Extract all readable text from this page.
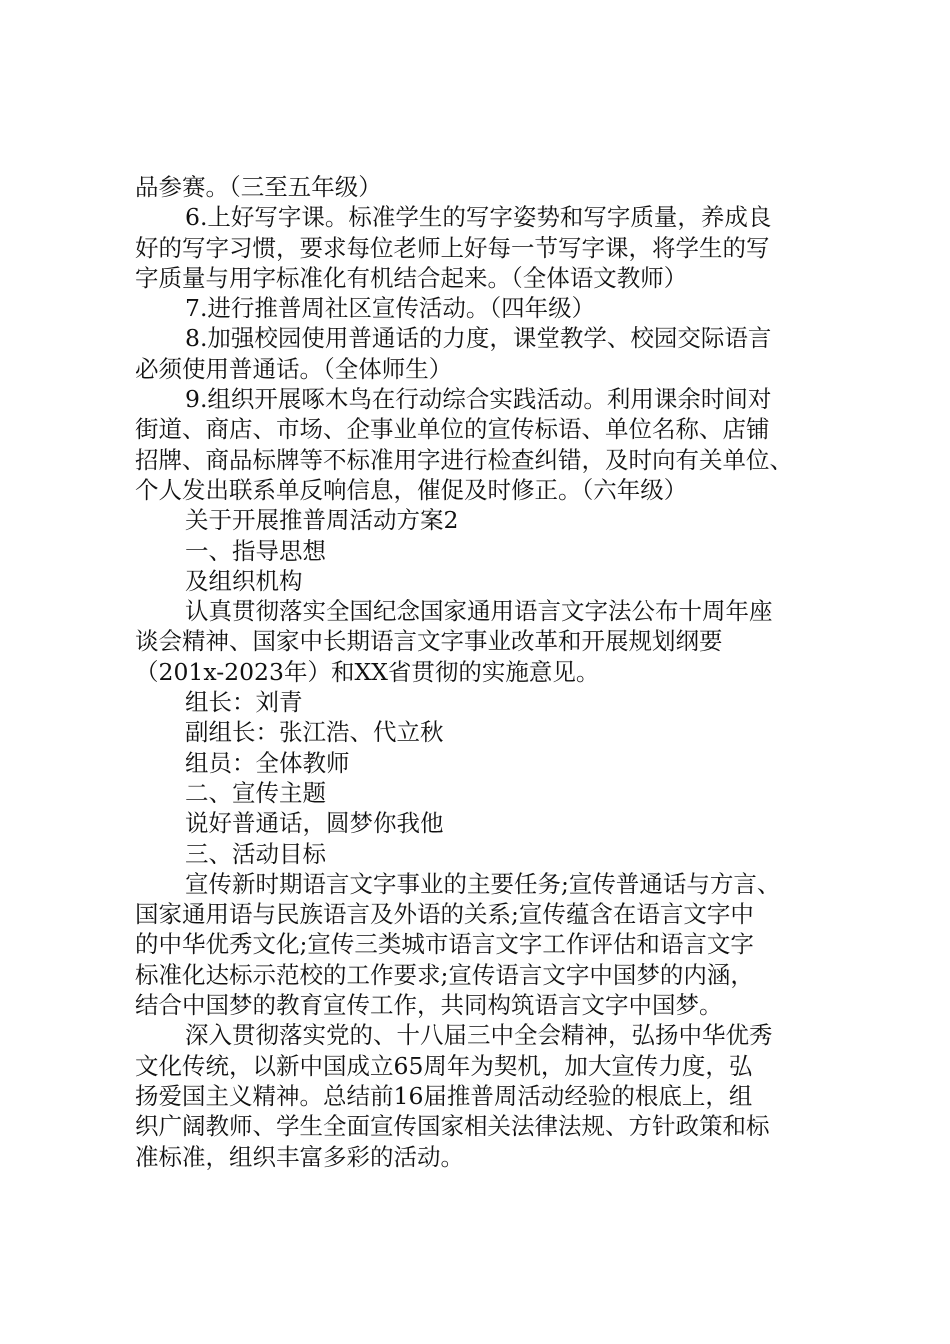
品参赛。（三至五年级）
6.上好写字课。标准学生的写字姿势和写字质量，养成良
好的写字习惯，要求每位老师上好每一节写字课，将学生的写
字质量与用字标准化有机结合起来。（全体语文教师）
7.进行推普周社区宣传活动。（四年级）
8.加强校园使用普通话的力度，课堂教学、校园交际语言
必须使用普通话。（全体师生）
9.组织开展啄木鸟在行动综合实践活动。利用课余时间对
街道、商店、市场、企事业单位的宣传标语、单位名称、店铺
招牌、商品标牌等不标准用字进行检查纠错，及时向有关单位、
个人发出联系单反响信息，催促及时修正。（六年级）
关于开展推普周活动方案2
一、指导思想
及组织机构
认真贯彻落实全国纪念国家通用语言文字法公布十周年座
谈会精神、国家中长期语言文字事业改革和开展规划纲要
（201x-2023年）和XX省贯彻的实施意见。
组长：刘青
副组长：张江浩、代立秋
组员：全体教师
二、宣传主题
说好普通话，圆梦你我他
三、活动目标
宣传新时期语言文字事业的主要任务;宣传普通话与方言、
国家通用语与民族语言及外语的关系;宣传蕴含在语言文字中
的中华优秀文化;宣传三类城市语言文字工作评估和语言文字
标准化达标示范校的工作要求;宣传语言文字中国梦的内涵，
结合中国梦的教育宣传工作，共同构筑语言文字中国梦。
深入贯彻落实党的、十八届三中全会精神，弘扬中华优秀
文化传统，以新中国成立65周年为契机，加大宣传力度，弘
扬爱国主义精神。总结前16届推普周活动经验的根底上，组
织广阔教师、学生全面宣传国家相关法律法规、方针政策和标
准标准，组织丰富多彩的活动。
